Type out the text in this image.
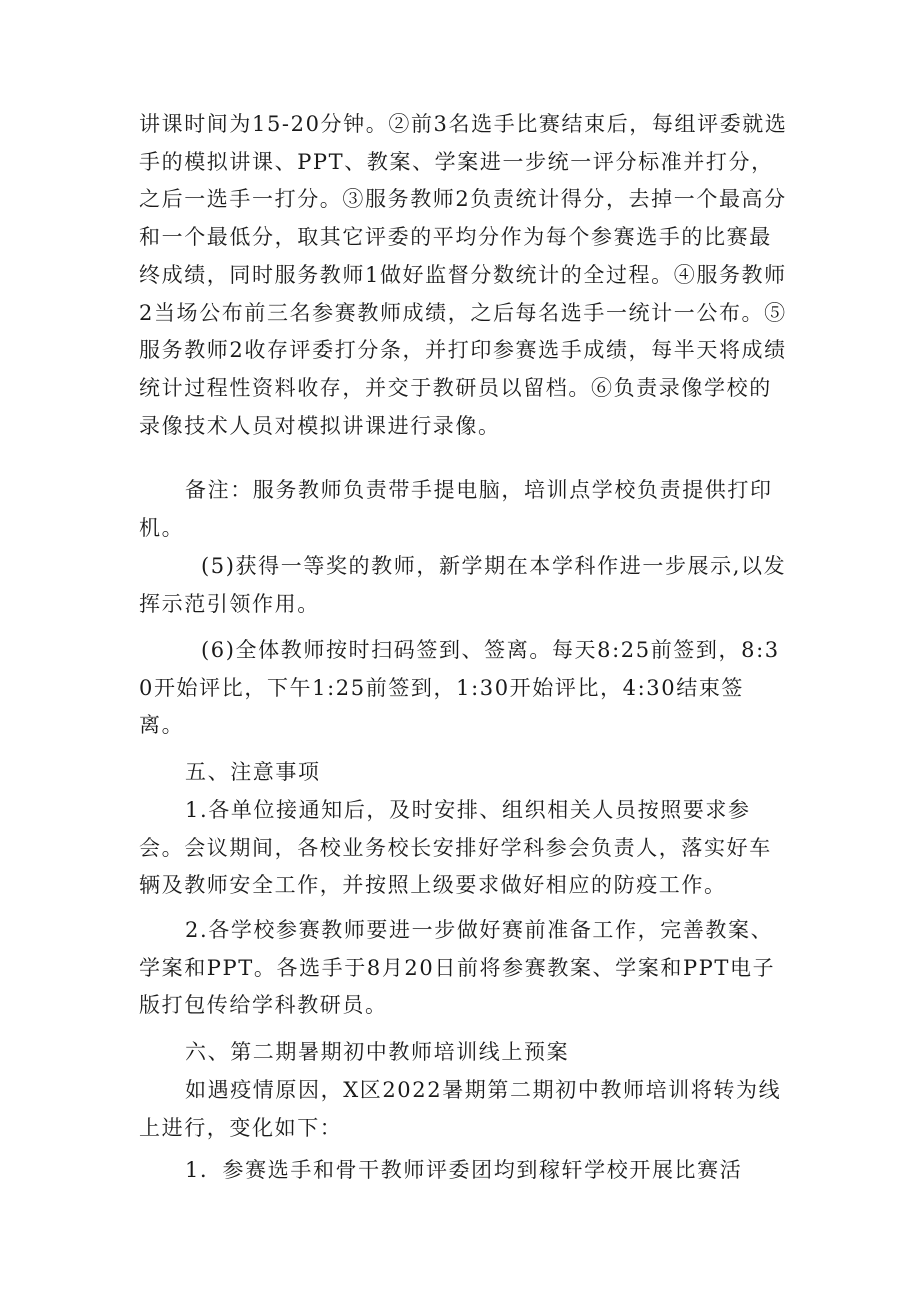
讲课时间为15-20分钟。②前3名选手比赛结束后，每组评委就选手的模拟讲课、PPT、教案、学案进一步统一评分标准并打分，之后一选手一打分。③服务教师2负责统计得分，去掉一个最高分和一个最低分，取其它评委的平均分作为每个参赛选手的比赛最终成绩，同时服务教师1做好监督分数统计的全过程。④服务教师2当场公布前三名参赛教师成绩，之后每名选手一统计一公布。⑤服务教师2收存评委打分条，并打印参赛选手成绩，每半天将成绩统计过程性资料收存，并交于教研员以留档。⑥负责录像学校的录像技术人员对模拟讲课进行录像。

备注：服务教师负责带手提电脑，培训点学校负责提供打印机。

(5)获得一等奖的教师，新学期在本学科作进一步展示,以发挥示范引领作用。

(6)全体教师按时扫码签到、签离。每天8:25前签到，8:30开始评比，下午1:25前签到，1:30开始评比，4:30结束签离。

五、注意事项

1.各单位接通知后，及时安排、组织相关人员按照要求参会。会议期间，各校业务校长安排好学科参会负责人，落实好车辆及教师安全工作，并按照上级要求做好相应的防疫工作。

2.各学校参赛教师要进一步做好赛前准备工作，完善教案、学案和PPT。各选手于8月20日前将参赛教案、学案和PPT电子版打包传给学科教研员。

六、第二期暑期初中教师培训线上预案

如遇疫情原因，X区2022暑期第二期初中教师培训将转为线上进行，变化如下：

1．参赛选手和骨干教师评委团均到稼轩学校开展比赛活
